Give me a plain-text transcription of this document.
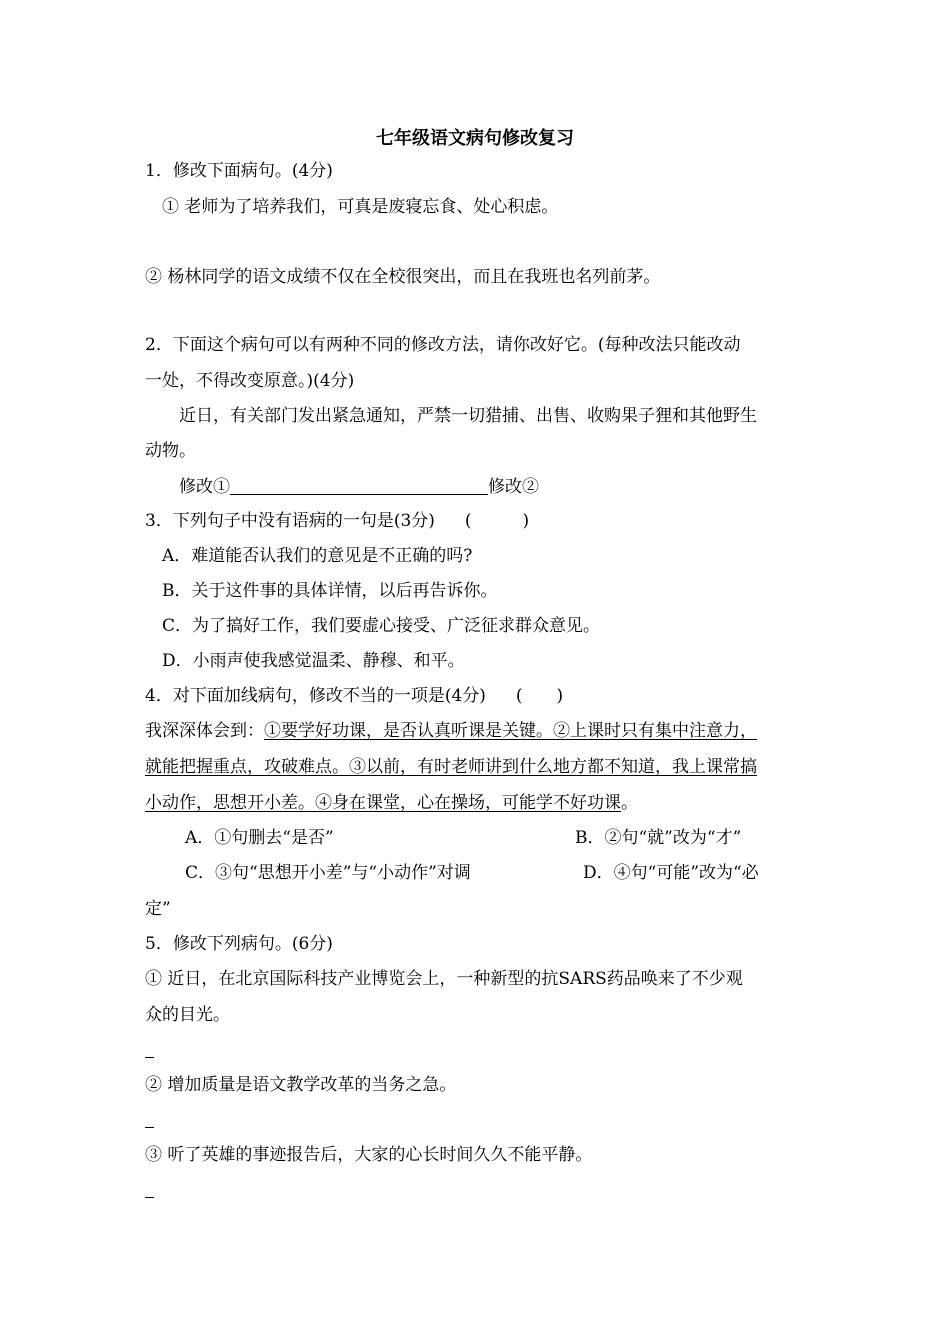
七年级语文病句修改复习
1．修改下面病句。(4分)
① 老师为了培养我们，可真是废寝忘食、处心积虑。
② 杨林同学的语文成绩不仅在全校很突出，而且在我班也名列前茅。
2．下面这个病句可以有两种不同的修改方法，请你改好它。(每种改法只能改动
一处，不得改变原意。)(4分)
近日，有关部门发出紧急通知，严禁一切猎捕、出售、收购果子狸和其他野生
动物。
修改①	修改②
3．下列句子中没有语病的一句是(3分) (　　　)
A．难道能否认我们的意见是不正确的吗?
B．关于这件事的具体详情，以后再告诉你。
C．为了搞好工作，我们要虚心接受、广泛征求群众意见。
D．小雨声使我感觉温柔、静穆、和平。
4．对下面加线病句，修改不当的一项是(4分) (　　)
我深深体会到：①要学好功课，是否认真听课是关键。②上课时只有集中注意力，
就能把握重点，攻破难点。③以前，有时老师讲到什么地方都不知道，我上课常搞
小动作，思想开小差。④身在课堂，心在操场，可能学不好功课。
A．①句删去“是否”	B．②句“就”改为“才”
C．③句“思想开小差”与“小动作”对调	D．④句“可能”改为“必
定”
5．修改下列病句。(6分)
① 近日，在北京国际科技产业博览会上，一种新型的抗SARS药品唤来了不少观
众的目光。
② 增加质量是语文教学改革的当务之急。
③ 听了英雄的事迹报告后，大家的心长时间久久不能平静。
